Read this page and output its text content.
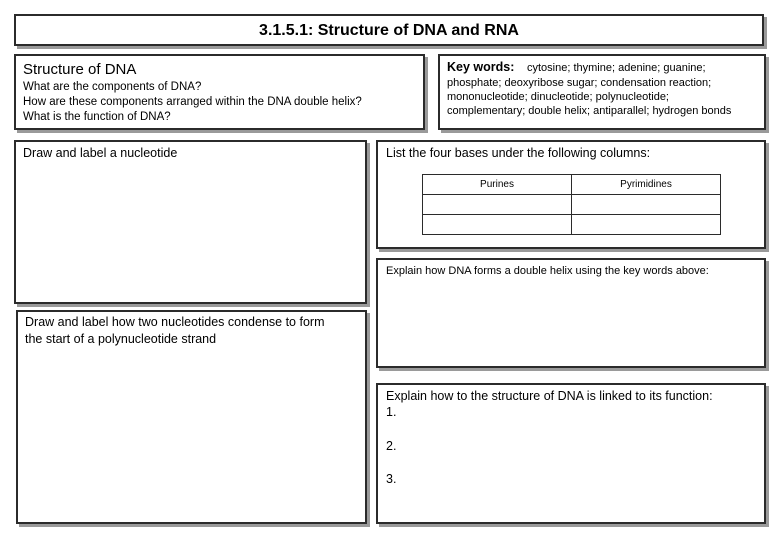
3.1.5.1: Structure of DNA and RNA
Structure of DNA
What are the components of DNA?
How are these components arranged within the DNA double helix?
What is the function of DNA?
Key words: cytosine; thymine; adenine; guanine;
phosphate; deoxyribose sugar; condensation reaction;
mononucleotide; dinucleotide; polynucleotide;
complementary; double helix; antiparallel; hydrogen bonds
Draw and label a nucleotide	List the four bases under the following columns:
Purines	Pyrimidines

Explain how DNA forms a double helix using the key words above:
Draw and label how two nucleotides condense to form
the start of a polynucleotide strand
Explain how to the structure of DNA is linked to its function:
1.
2.
3.
